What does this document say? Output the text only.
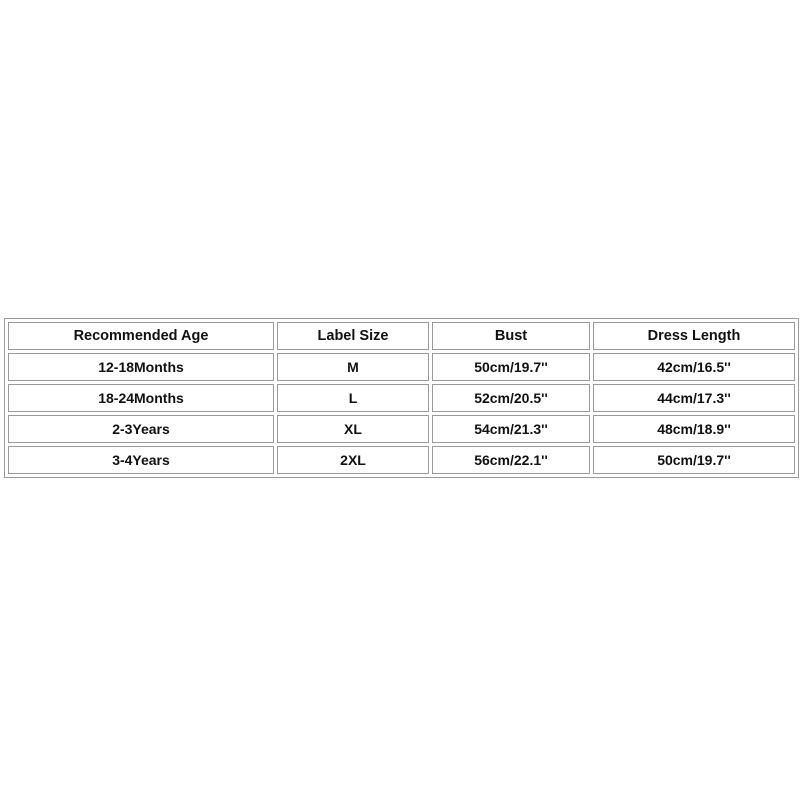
Recommended Age	Label Size	Bust	Dress Length
12-18Months	M	50cm/19.7''	42cm/16.5''
18-24Months	L	52cm/20.5''	44cm/17.3''
2-3Years	XL	54cm/21.3''	48cm/18.9''
3-4Years	2XL	56cm/22.1''	50cm/19.7''
